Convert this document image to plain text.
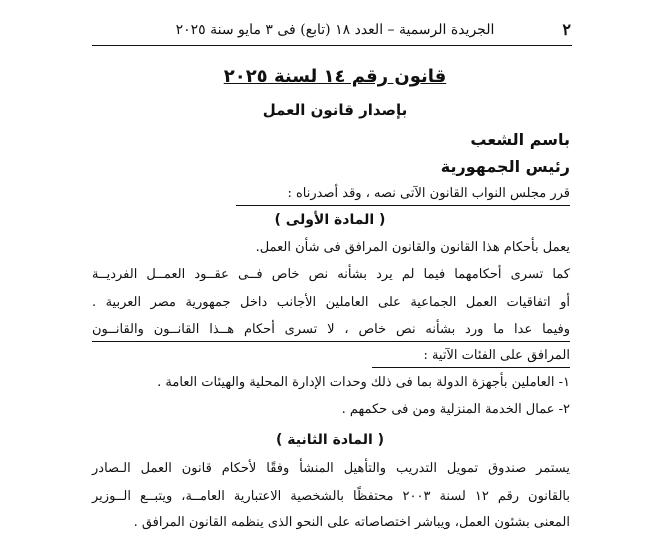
٢
الجريدة الرسمية – العدد ١٨ (تابع) فى ٣ مايو سنة ٢٠٢٥
قانون رقم ١٤ لسنة ٢٠٢٥
بإصدار قانون العمل
باسم الشعب
رئيس الجمهورية
قرر مجلس النواب القانون الآتى نصه ، وقد أصدرناه :
( المادة الأولى )
يعمل بأحكام هذا القانون والقانون المرافق فى شأن العمل.
كما تسرى أحكامهما فيما لم يرد بشأنه نص خاص فــى عقــود العمــل الفرديــة
أو اتفاقيات العمل الجماعية على العاملين الأجانب داخل جمهورية مصر العربية .
وفيما عدا ما ورد بشأنه نص خاص ، لا تسرى أحكام هــذا القانــون والقانــون
المرافق على الفئات الآتية :
١- العاملين بأجهزة الدولة بما فى ذلك وحدات الإدارة المحلية والهيئات العامة .
٢- عمال الخدمة المنزلية ومن فى حكمهم .
( المادة الثانية )
يستمر صندوق تمويل التدريب والتأهيل المنشأ وفقًا لأحكام قانون العمل الـصادر
بالقانون رقم ١٢ لسنة ٢٠٠٣ محتفظًا بالشخصية الاعتبارية العامــة، ويتبــع الــوزير
المعنى بشئون العمل، ويباشر اختصاصاته على النحو الذى ينظمه القانون المرافق .
